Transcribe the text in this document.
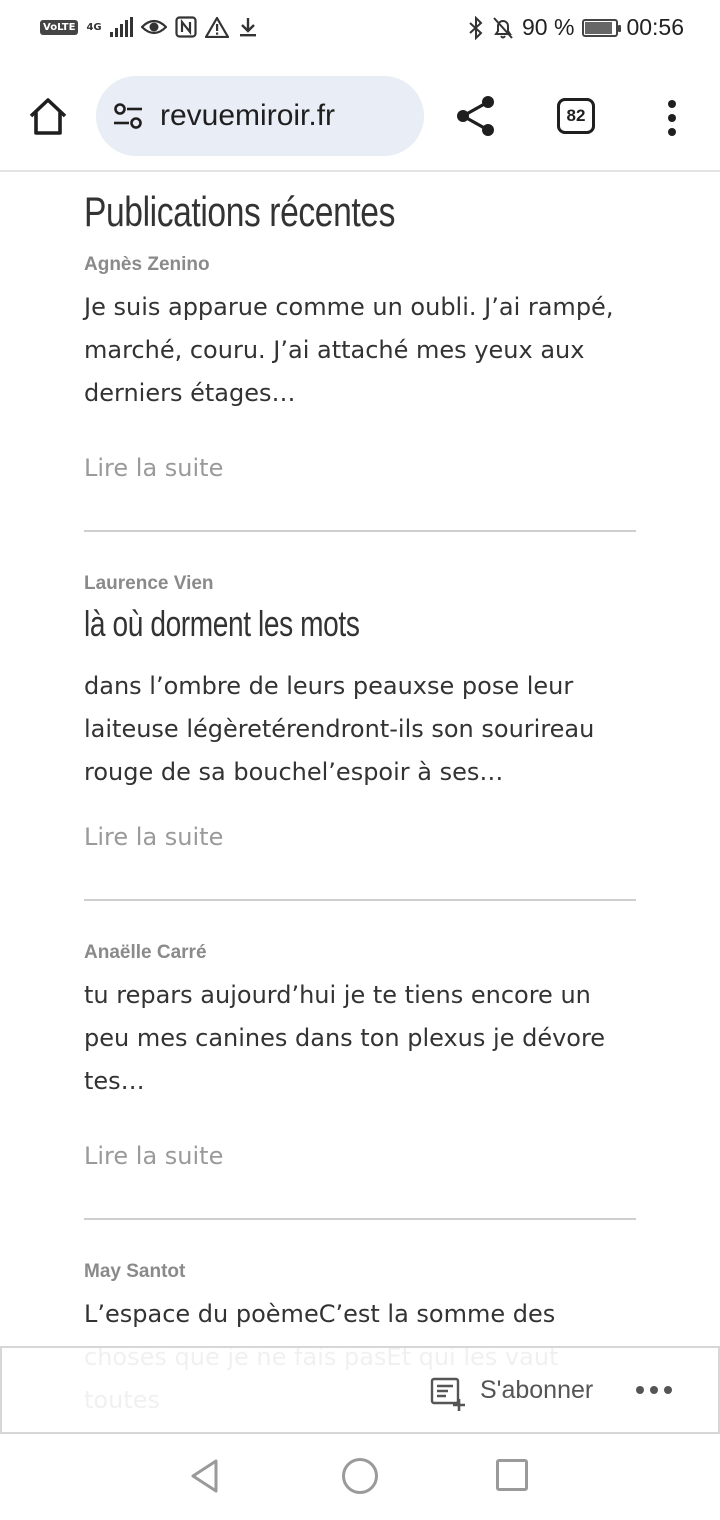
VoLTE	4G	90 % 00:56
revuemiroir.fr	82
Publications récentes
Agnès Zenino
Je suis apparue comme un oubli. J’ai rampé, marché, couru. J’ai attaché mes yeux aux derniers étages…
Lire la suite
Laurence Vien
là où dorment les mots
dans l’ombre de leurs peauxse pose leur laiteuse légèretérendront-ils son sourireau rouge de sa bouchel’espoir à ses…
Lire la suite
Anaëlle Carré
tu repars aujourd’hui je te tiens encore un peu mes canines dans ton plexus je dévore tes…
Lire la suite
May Santot
L’espace du poèmeC’est la somme des
S'abonner
